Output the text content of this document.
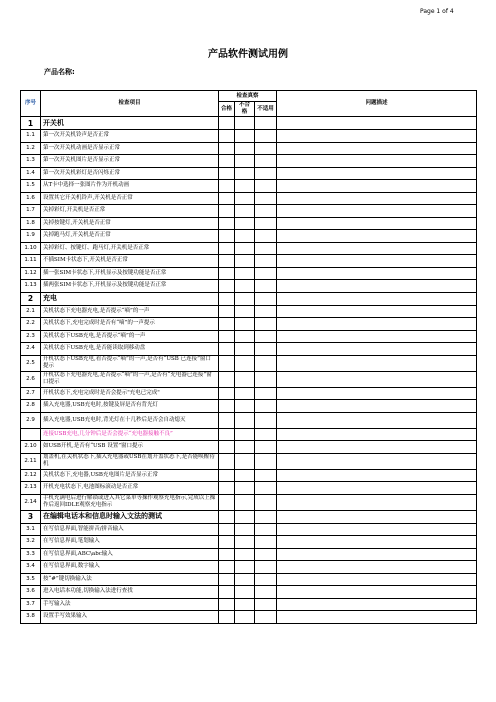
Page 1 of 4
产品软件测试用例
产品名称:
序号	检查项目	检查真察			问题描述
		合格	不合格	不适用	
1	开关机				
1.1	第一次开关机铃声是否正常				
1.2	第一次开关机动画是否显示正常				
1.3	第一次开关机图片是否显示正常				
1.4	第一次开关机彩灯是否闪烁正常				
1.5	从T卡中选择一张图片作为开机动画				
1.6	设置其它开关机铃声,开关机是否正常				
1.7	关掉彩灯,开关机是否正常				
1.8	关掉按键灯,开关机是否正常				
1.9	关掉跑马灯,开关机是否正常				
1.10	关掉彩灯、按键灯、跑马灯,开关机是否正常				
1.11	不插SIM卡状态下,开关机是否正常				
1.12	插一张SIM卡状态下,开机显示及按键功能是否正常				
1.13	插两张SIM卡状态下,开机显示及按键功能是否正常				
2	充电				
2.1	关机状态下充电器充电,是否提示“嘀”的一声				
2.2	关机状态下,充电完成时是否有“嘀”的一声提示				
2.3	关机状态下USB充电,是否提示“嘀”的一声				
2.4	关机状态下USB充电,是否能读取到移动盘				
2.5	开机状态下USB充电,看否提示“嘀”的一声,是否有“USB 已连接”窗口提示				
2.6	开机状态下充电器充电,是否提示“嘀”的一声,是否有“充电器已连接”窗口提示				
2.7	开机状态下,充电完成时是否会提示"充电已完成"				
2.8	插入充电器,USB充电时,按键及屏是否有背光灯				
2.9	插入充电器,USB充电时,背光灯在十几秒后是否会自动熄灭				
	连接USB充电,几分钟后是否会提示“充电器接触不良”				
2.10	如USB开机,是否有“USB 设置”窗口提示				
2.11	划盖机,在关机状态下,插入充电器或USB在划开盖状态下,是否能唤醒待机				
2.12	关机状态下,充电器,USB充电图片是否显示正常				
2.13	开机充电状态下,电池图标滚动是否正常				
2.14	手机充满电后进行解锁或进入其它菜单等操作观察充电指示,完成以上操作后返回IDLE观察充电指示				
3	在编辑电话本和信息时输入文法的测试				
3.1	在写信息界面,智能拼音/拼音输入				
3.2	在写信息界面,笔划输入				
3.3	在写信息界面,ABC\abc输入				
3.4	在写信息界面,数字输入				
3.5	按“#”键切换输入法				
3.6	进入电话本功能,切换输入法进行查找				
3.7	手写输入法				
3.8	设置手写效果输入				
